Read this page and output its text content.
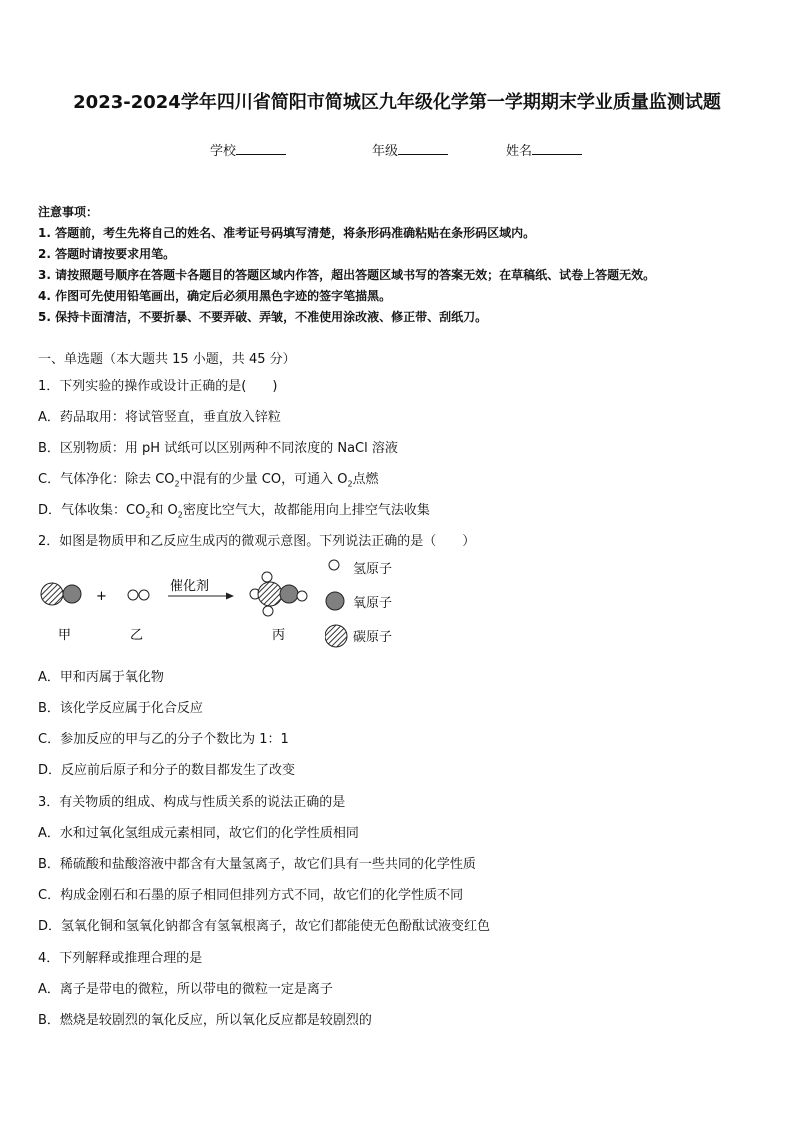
2023-2024学年四川省简阳市简城区九年级化学第一学期期末学业质量监测试题
学校	年级	姓名
注意事项：
1. 答题前，考生先将自己的姓名、准考证号码填写清楚，将条形码准确粘贴在条形码区域内。
2. 答题时请按要求用笔。
3. 请按照题号顺序在答题卡各题目的答题区域内作答，超出答题区域书写的答案无效；在草稿纸、试卷上答题无效。
4. 作图可先使用铅笔画出，确定后必须用黑色字迹的签字笔描黑。
5. 保持卡面清洁，不要折暴、不要弄破、弄皱，不准使用涂改液、修正带、刮纸刀。
一、单选题（本大题共 15 小题，共 45 分）
1．下列实验的操作或设计正确的是(　　)
A．药品取用：将试管竖直，垂直放入锌粒
B．区别物质：用 pH 试纸可以区别两种不同浓度的 NaCl 溶液
C．气体净化：除去 $CO_2$中混有的少量 CO，可通入 $O_2$点燃
D．气体收集：$CO_2$和 $O_2$密度比空气大，故都能用向上排空气法收集
2．如图是物质甲和乙反应生成丙的微观示意图。下列说法正确的是（　　）
+
催化剂
甲	乙	丙
氢原子
氧原子
碳原子
A．甲和丙属于氧化物
B．该化学反应属于化合反应
C．参加反应的甲与乙的分子个数比为 1：1
D．反应前后原子和分子的数目都发生了改变
3．有关物质的组成、构成与性质关系的说法正确的是
A．水和过氧化氢组成元素相同，故它们的化学性质相同
B．稀硫酸和盐酸溶液中都含有大量氢离子，故它们具有一些共同的化学性质
C．构成金刚石和石墨的原子相同但排列方式不同，故它们的化学性质不同
D．氢氧化铜和氢氧化钠都含有氢氧根离子，故它们都能使无色酚酞试液变红色
4．下列解释或推理合理的是
A．离子是带电的微粒，所以带电的微粒一定是离子
B．燃烧是较剧烈的氧化反应，所以氧化反应都是较剧烈的
